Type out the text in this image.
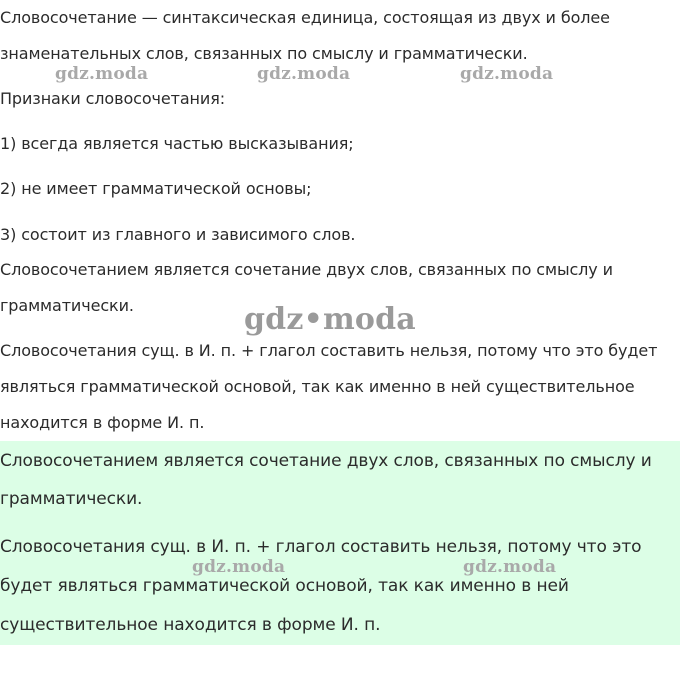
Словосочетание — синтаксическая единица, состоящая из двух и более
знаменательных слов, связанных по смыслу и грамматически.
Признаки словосочетания:
1) всегда является частью высказывания;
2) не имеет грамматической основы;
3) состоит из главного и зависимого слов.
Словосочетанием является сочетание двух слов, связанных по смыслу и
грамматически.
Словосочетания сущ. в И. п. + глагол составить нельзя, потому что это будет
являться грамматической основой, так как именно в ней существительное
находится в форме И. п.
Словосочетанием является сочетание двух слов, связанных по смыслу и
грамматически.
Словосочетания сущ. в И. п. + глагол составить нельзя, потому что это
будет являться грамматической основой, так как именно в ней
существительное находится в форме И. п.
gdz.moda	gdz.moda	gdz.moda
gdz•moda
gdz.moda	gdz.moda
